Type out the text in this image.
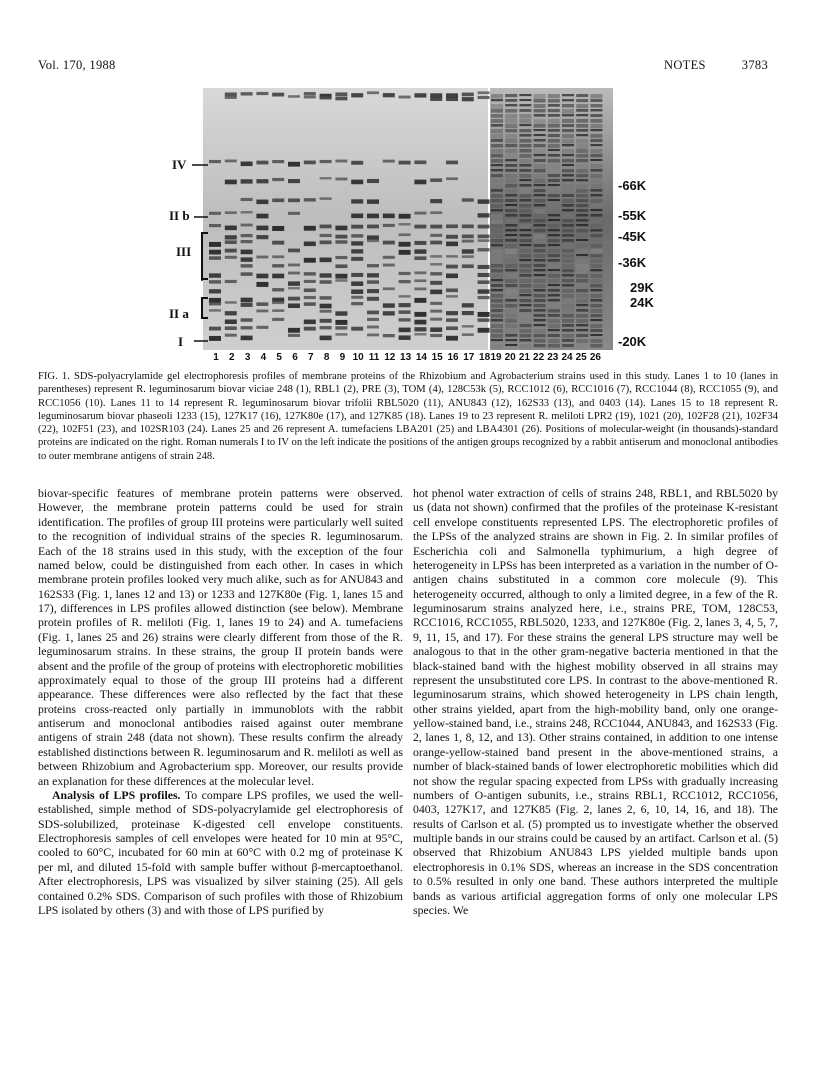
Vol. 170, 1988	NOTES	3783
IV
II b
III
II a
I
-66K
-55K
-45K
-36K
29K
24K
-20K
1 2 3 4 5 6 7 8 9 10 11 12 13 14 15 16 17 18 19 20 21 22 23 24 25 26
FIG. 1. SDS-polyacrylamide gel electrophoresis profiles of membrane proteins of the Rhizobium and Agrobacterium strains used in this study. Lanes 1 to 10 (lanes in parentheses) represent R. leguminosarum biovar viciae 248 (1), RBL1 (2), PRE (3), TOM (4), 128C53k (5), RCC1012 (6), RCC1016 (7), RCC1044 (8), RCC1055 (9), and RCC1056 (10). Lanes 11 to 14 represent R. leguminosarum biovar trifolii RBL5020 (11), ANU843 (12), 162S33 (13), and 0403 (14). Lanes 15 to 18 represent R. leguminosarum biovar phaseoli 1233 (15), 127K17 (16), 127K80e (17), and 127K85 (18). Lanes 19 to 23 represent R. meliloti LPR2 (19), 1021 (20), 102F28 (21), 102F34 (22), 102F51 (23), and 102SR103 (24). Lanes 25 and 26 represent A. tumefaciens LBA201 (25) and LBA4301 (26). Positions of molecular-weight (in thousands)-standard proteins are indicated on the right. Roman numerals I to IV on the left indicate the positions of the antigen groups recognized by a rabbit antiserum and monoclonal antibodies to outer membrane antigens of strain 248.

biovar-specific features of membrane protein patterns were observed. However, the membrane protein patterns could be used for strain identification. The profiles of group III proteins were particularly well suited to the recognition of individual strains of the species R. leguminosarum. Each of the 18 strains used in this study, with the exception of the four named below, could be distinguished from each other. In cases in which membrane protein profiles looked very much alike, such as for ANU843 and 162S33 (Fig. 1, lanes 12 and 13) or 1233 and 127K80e (Fig. 1, lanes 15 and 17), differences in LPS profiles allowed distinction (see below). Membrane protein profiles of R. meliloti (Fig. 1, lanes 19 to 24) and A. tumefaciens (Fig. 1, lanes 25 and 26) strains were clearly different from those of the R. leguminosarum strains. In these strains, the group II protein bands were absent and the profile of the group of proteins with electrophoretic mobilities approximately equal to those of the group III proteins had a different appearance. These differences were also reflected by the fact that these proteins cross-reacted only partially in immunoblots with the rabbit antiserum and monoclonal antibodies raised against outer membrane antigens of strain 248 (data not shown). These results confirm the already established distinctions between R. leguminosarum and R. meliloti as well as between Rhizobium and Agrobacterium spp. Moreover, our results provide an explanation for these differences at the molecular level.

Analysis of LPS profiles. To compare LPS profiles, we used the well-established, simple method of SDS-polyacrylamide gel electrophoresis of SDS-solubilized, proteinase K-digested cell envelope constituents. Electrophoresis samples of cell envelopes were heated for 10 min at 95°C, cooled to 60°C, incubated for 60 min at 60°C with 0.2 mg of proteinase K per ml, and diluted 15-fold with sample buffer without β-mercaptoethanol. After electrophoresis, LPS was visualized by silver staining (25). All gels contained 0.2% SDS. Comparison of such profiles with those of Rhizobium LPS isolated by others (3) and with those of LPS purified by

hot phenol water extraction of cells of strains 248, RBL1, and RBL5020 by us (data not shown) confirmed that the profiles of the proteinase K-resistant cell envelope constituents represented LPS. The electrophoretic profiles of the LPSs of the analyzed strains are shown in Fig. 2. In similar profiles of Escherichia coli and Salmonella typhimurium, a high degree of heterogeneity in LPSs has been interpreted as a variation in the number of O-antigen chains substituted in a common core molecule (9). This heterogeneity occurred, although to only a limited degree, in a few of the R. leguminosarum strains analyzed here, i.e., strains PRE, TOM, 128C53, RCC1016, RCC1055, RBL5020, 1233, and 127K80e (Fig. 2, lanes 3, 4, 5, 7, 9, 11, 15, and 17). For these strains the general LPS structure may well be analogous to that in the other gram-negative bacteria mentioned in that the black-stained band with the highest mobility observed in all strains may represent the unsubstituted core LPS. In contrast to the above-mentioned R. leguminosarum strains, which showed heterogeneity in LPS chain length, other strains yielded, apart from the high-mobility band, only one orange-yellow-stained band, i.e., strains 248, RCC1044, ANU843, and 162S33 (Fig. 2, lanes 1, 8, 12, and 13). Other strains contained, in addition to one intense orange-yellow-stained band present in the above-mentioned strains, a number of black-stained bands of lower electrophoretic mobilities which did not show the regular spacing expected from LPSs with gradually increasing numbers of O-antigen subunits, i.e., strains RBL1, RCC1012, RCC1056, 0403, 127K17, and 127K85 (Fig. 2, lanes 2, 6, 10, 14, 16, and 18). The results of Carlson et al. (5) prompted us to investigate whether the observed multiple bands in our strains could be caused by an artifact. Carlson et al. (5) observed that Rhizobium ANU843 LPS yielded multiple bands upon electrophoresis in 0.1% SDS, whereas an increase in the SDS concentration to 0.5% resulted in only one band. These authors interpreted the multiple bands as various artificial aggregation forms of only one molecular LPS species. We
